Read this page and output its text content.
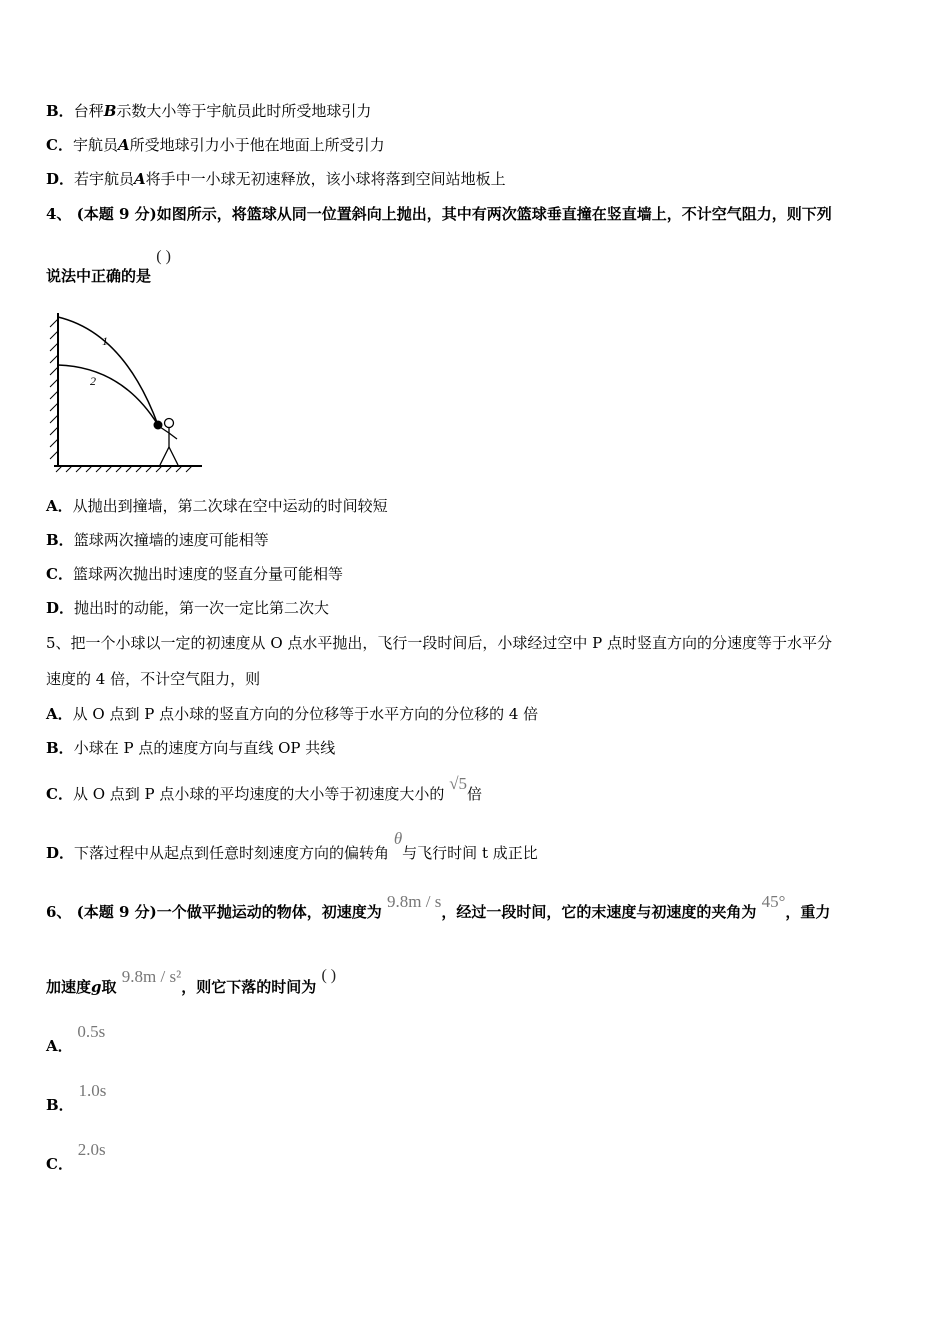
B．台秤B示数大小等于宇航员此时所受地球引力
C．宇航员A所受地球引力小于他在地面上所受引力
D．若宇航员A将手中一小球无初速释放，该小球将落到空间站地板上
4、 (本题 9 分)如图所示，将篮球从同一位置斜向上抛出，其中有两次篮球垂直撞在竖直墙上，不计空气阻力，则下列
说法中正确的是 ( )
1
2
A．从抛出到撞墙，第二次球在空中运动的时间较短
B．篮球两次撞墙的速度可能相等
C．篮球两次抛出时速度的竖直分量可能相等
D．抛出时的动能，第一次一定比第二次大
5、把一个小球以一定的初速度从 O 点水平抛出，飞行一段时间后，小球经过空中 P 点时竖直方向的分速度等于水平分
速度的 4 倍，不计空气阻力，则
A．从 O 点到 P 点小球的竖直方向的分位移等于水平方向的分位移的 4 倍
B．小球在 P 点的速度方向与直线 OP 共线
C．从 O 点到 P 点小球的平均速度的大小等于初速度大小的 √5倍
D．下落过程中从起点到任意时刻速度方向的偏转角 θ与飞行时间 t 成正比
6、 (本题 9 分)一个做平抛运动的物体，初速度为 9.8m / s，经过一段时间，它的末速度与初速度的夹角为 45°，重力
加速度g取 9.8m / s²，则它下落的时间为 ( )
A． 0.5s
B． 1.0s
C． 2.0s
